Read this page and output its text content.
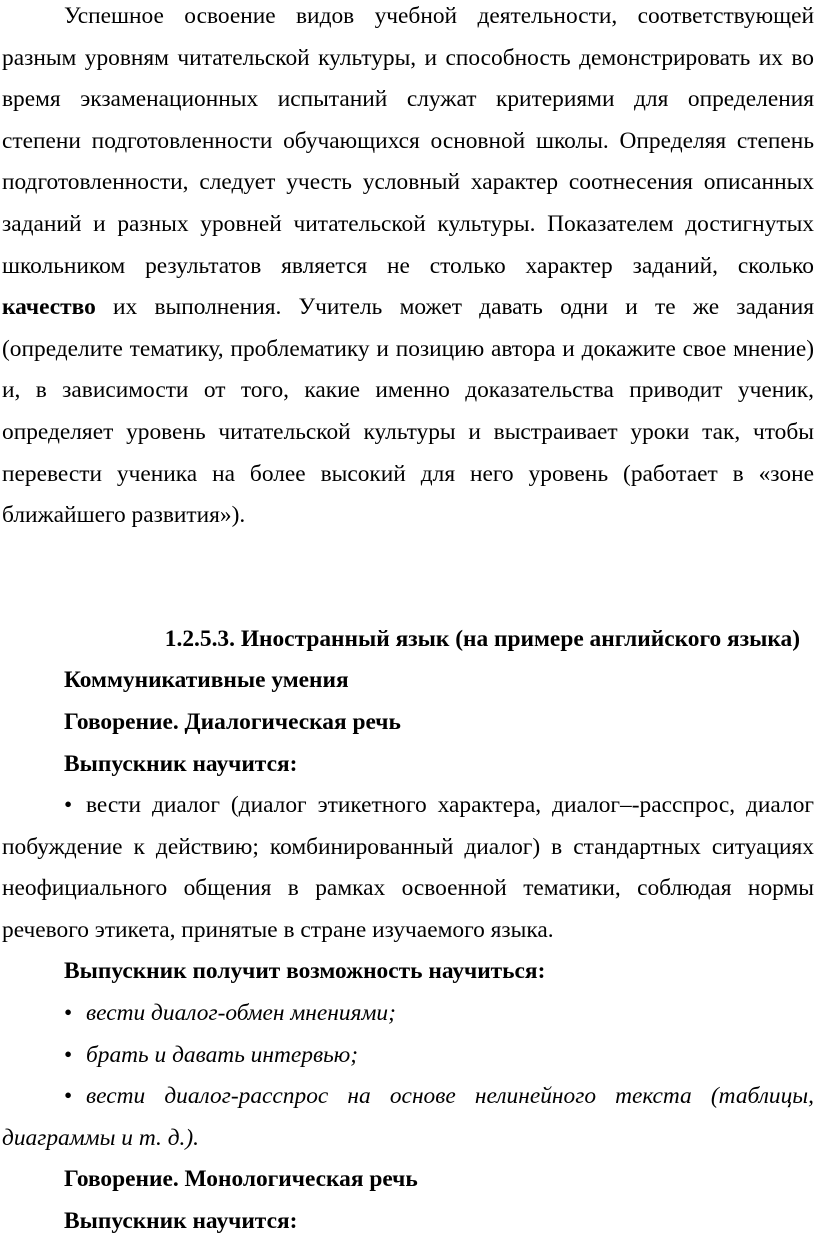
Успешное освоение видов учебной деятельности, соответствующей разным уровням читательской культуры, и способность демонстрировать их во время экзаменационных испытаний служат критериями для определения степени подготовленности обучающихся основной школы. Определяя степень подготовленности, следует учесть условный характер соотнесения описанных заданий и разных уровней читательской культуры. Показателем достигнутых школьником результатов является не столько характер заданий, сколько качество их выполнения. Учитель может давать одни и те же задания (определите тематику, проблематику и позицию автора и докажите свое мнение) и, в зависимости от того, какие именно доказательства приводит ученик, определяет уровень читательской культуры и выстраивает уроки так, чтобы перевести ученика на более высокий для него уровень (работает в «зоне ближайшего развития»).

1.2.5.3. Иностранный язык (на примере английского языка)

Коммуникативные умения

Говорение. Диалогическая речь

Выпускник научится:

• вести диалог (диалог этикетного характера, диалог–-расспрос, диалог побуждение к действию; комбинированный диалог) в стандартных ситуациях неофициального общения в рамках освоенной тематики, соблюдая нормы речевого этикета, принятые в стране изучаемого языка.

Выпускник получит возможность научиться:

• вести диалог-обмен мнениями;

• брать и давать интервью;

• вести диалог-расспрос на основе нелинейного текста (таблицы, диаграммы и т. д.).

Говорение. Монологическая речь

Выпускник научится:
